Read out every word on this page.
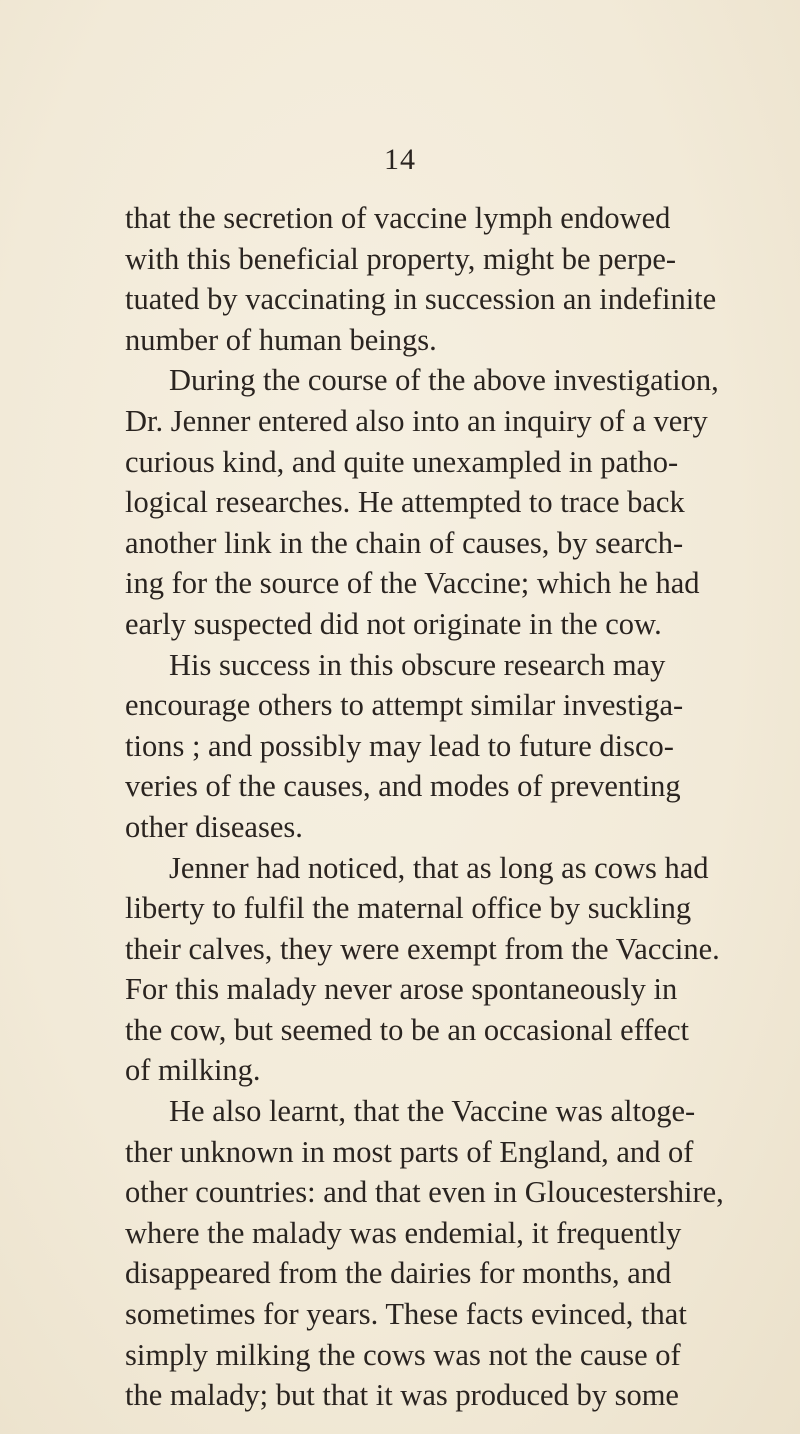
14
that the secretion of vaccine lymph endowed
with this beneficial property, might be perpe-
tuated by vaccinating in succession an indefinite
number of human beings.
During the course of the above investigation,
Dr. Jenner entered also into an inquiry of a very
curious kind, and quite unexampled in patho-
logical researches. He attempted to trace back
another link in the chain of causes, by search-
ing for the source of the Vaccine; which he had
early suspected did not originate in the cow.
His success in this obscure research may
encourage others to attempt similar investiga-
tions ; and possibly may lead to future disco-
veries of the causes, and modes of preventing
other diseases.
Jenner had noticed, that as long as cows had
liberty to fulfil the maternal office by suckling
their calves, they were exempt from the Vaccine.
For this malady never arose spontaneously in
the cow, but seemed to be an occasional effect
of milking.
He also learnt, that the Vaccine was altoge-
ther unknown in most parts of England, and of
other countries: and that even in Gloucestershire,
where the malady was endemial, it frequently
disappeared from the dairies for months, and
sometimes for years. These facts evinced, that
simply milking the cows was not the cause of
the malady; but that it was produced by some
